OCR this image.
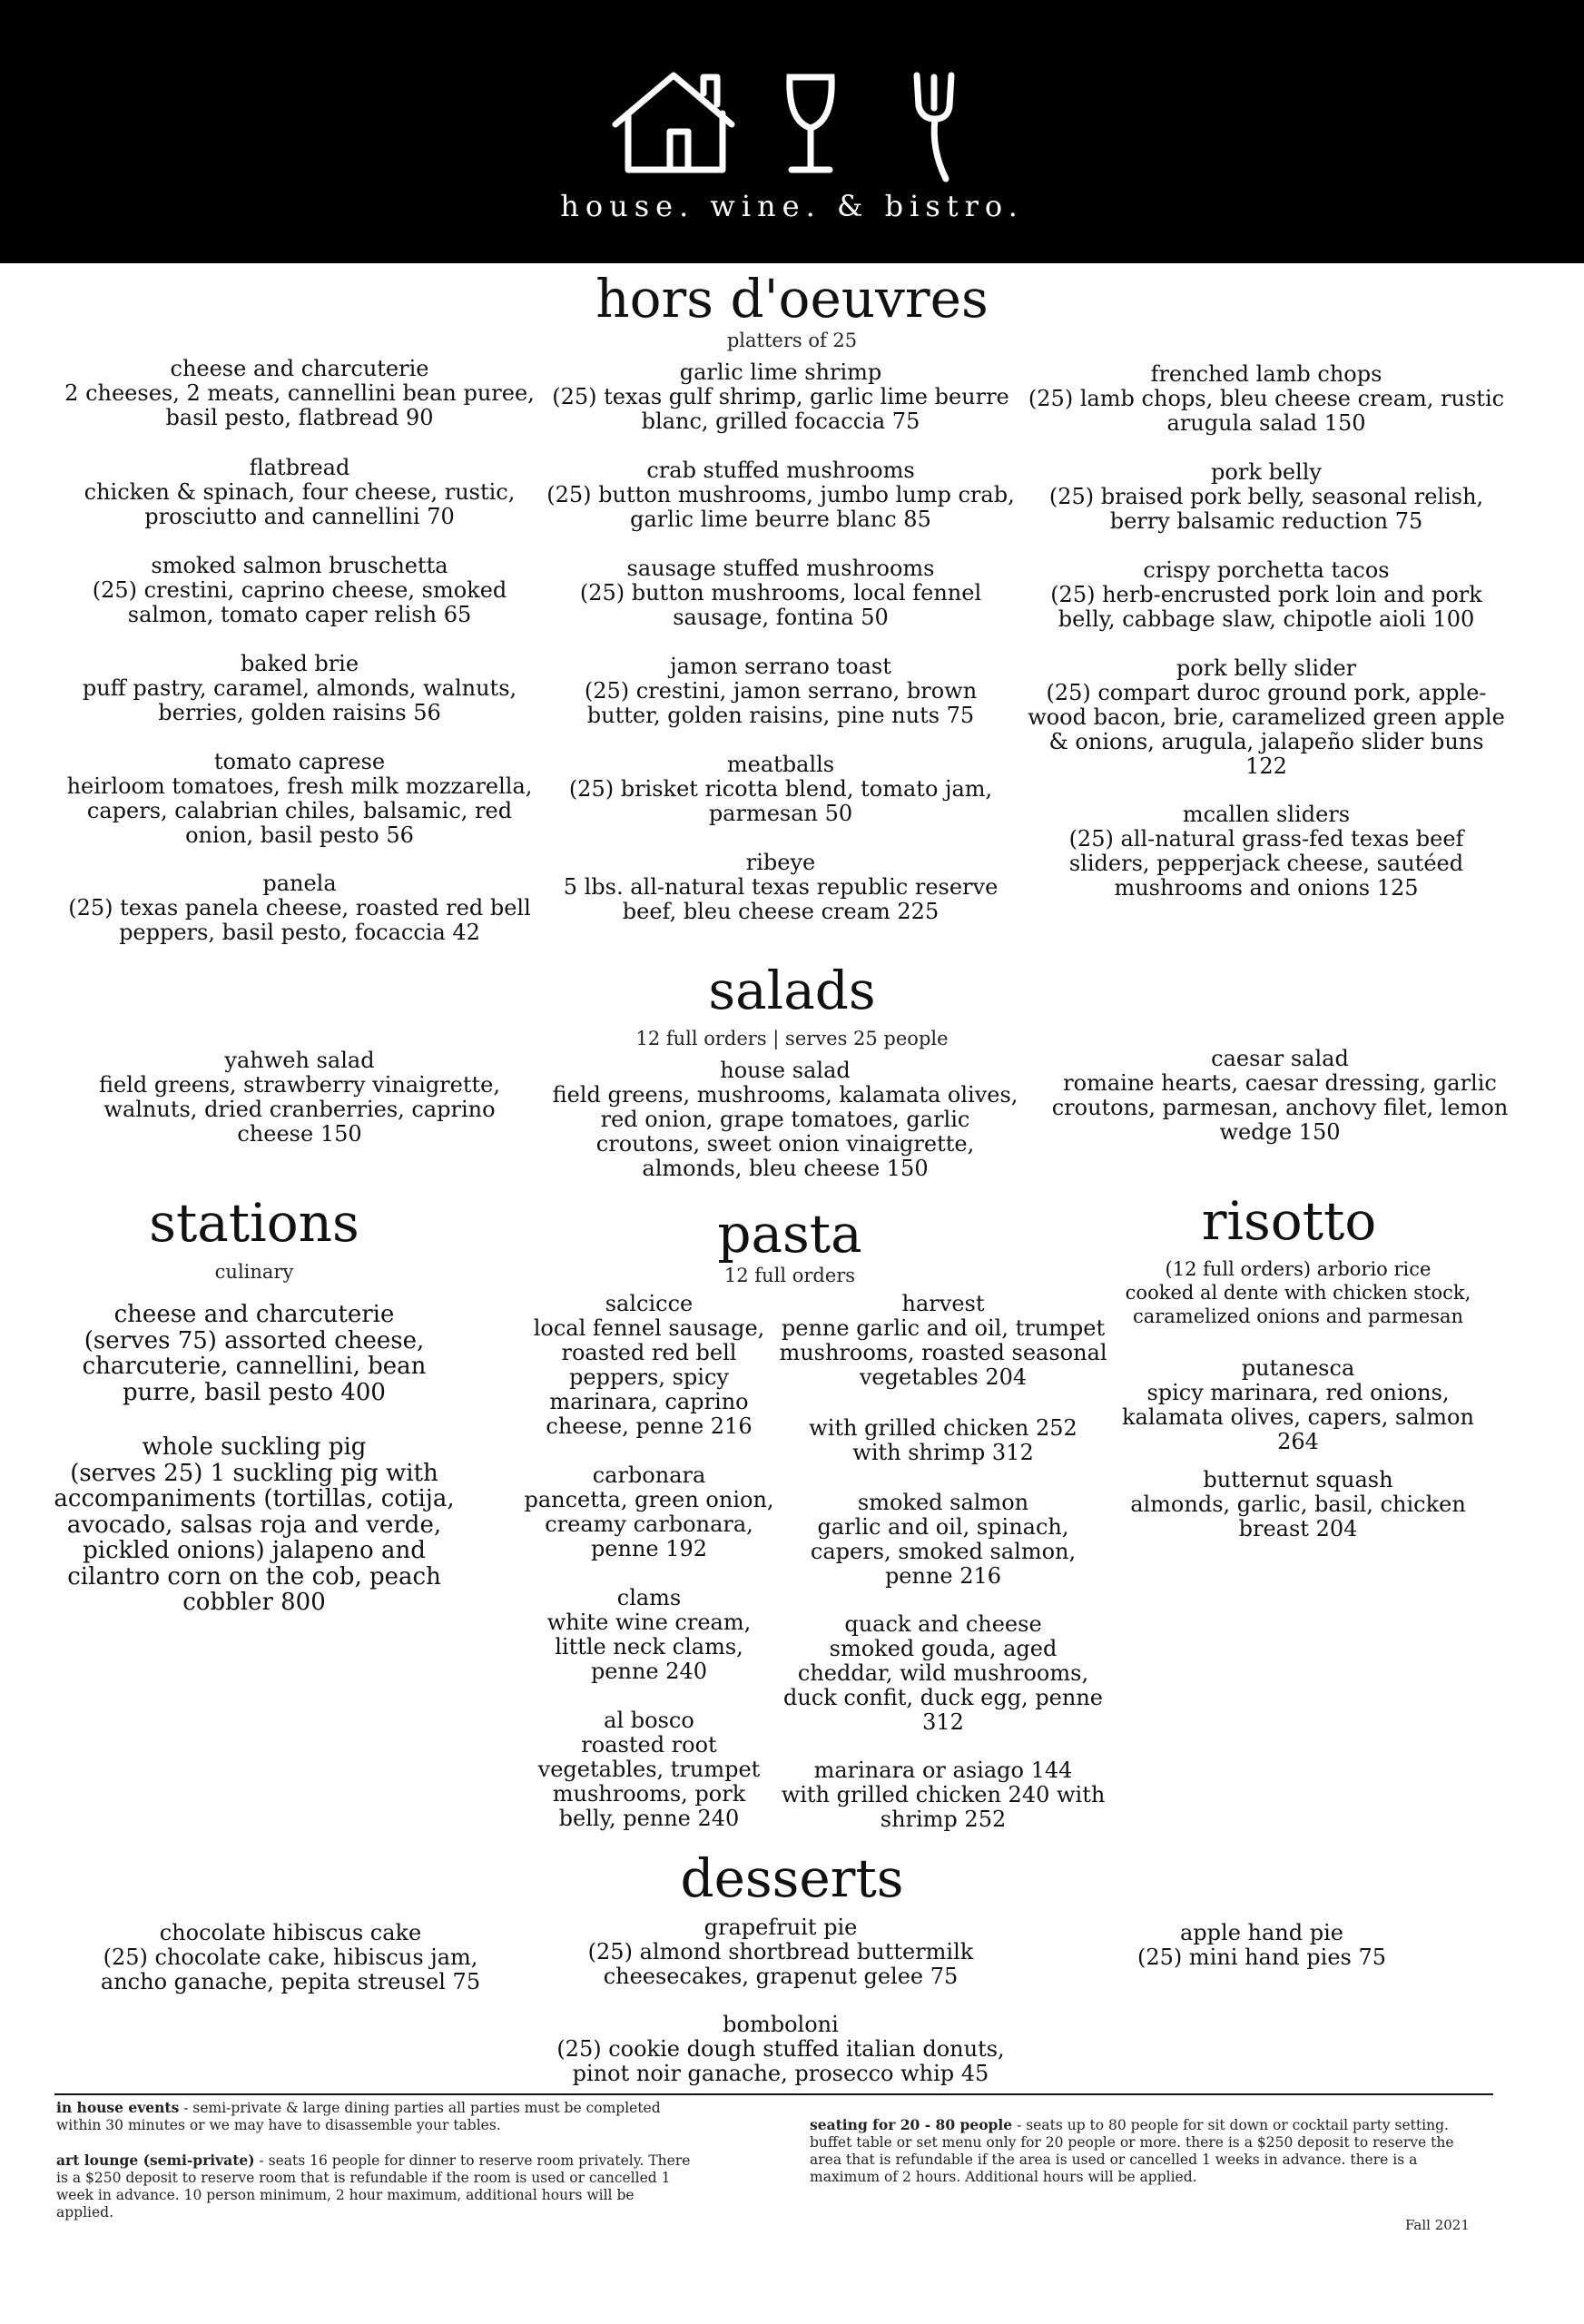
house. wine. & bistro.
hors d'oeuvres
platters of 25
cheese and charcuterie
2 cheeses, 2 meats, cannellini bean puree, basil pesto, flatbread 90
flatbread
chicken & spinach, four cheese, rustic, prosciutto and cannellini 70
smoked salmon bruschetta
(25) crestini, caprino cheese, smoked salmon, tomato caper relish 65
baked brie
puff pastry, caramel, almonds, walnuts, berries, golden raisins 56
tomato caprese
heirloom tomatoes, fresh milk mozzarella, capers, calabrian chiles, balsamic, red onion, basil pesto 56
panela
(25) texas panela cheese, roasted red bell peppers, basil pesto, focaccia 42
garlic lime shrimp
(25) texas gulf shrimp, garlic lime beurre blanc, grilled focaccia 75
crab stuffed mushrooms
(25) button mushrooms, jumbo lump crab, garlic lime beurre blanc 85
sausage stuffed mushrooms
(25) button mushrooms, local fennel sausage, fontina 50
jamon serrano toast
(25) crestini, jamon serrano, brown butter, golden raisins, pine nuts 75
meatballs
(25) brisket ricotta blend, tomato jam, parmesan 50
ribeye
5 lbs. all-natural texas republic reserve beef, bleu cheese cream 225
frenched lamb chops
(25) lamb chops, bleu cheese cream, rustic arugula salad 150
pork belly
(25) braised pork belly, seasonal relish, berry balsamic reduction 75
crispy porchetta tacos
(25) herb-encrusted pork loin and pork belly, cabbage slaw, chipotle aioli 100
pork belly slider
(25) compart duroc ground pork, apple-wood bacon, brie, caramelized green apple & onions, arugula, jalapeño slider buns 122
mcallen sliders
(25) all-natural grass-fed texas beef sliders, pepperjack cheese, sautéed mushrooms and onions 125
salads
12 full orders | serves 25 people
yahweh salad
field greens, strawberry vinaigrette, walnuts, dried cranberries, caprino cheese 150
house salad
field greens, mushrooms, kalamata olives, red onion, grape tomatoes, garlic croutons, sweet onion vinaigrette, almonds, bleu cheese 150
caesar salad
romaine hearts, caesar dressing, garlic croutons, parmesan, anchovy filet, lemon wedge 150
stations
culinary
cheese and charcuterie
(serves 75) assorted cheese, charcuterie, cannellini, bean purre, basil pesto 400
whole suckling pig
(serves 25) 1 suckling pig with accompaniments (tortillas, cotija, avocado, salsas roja and verde, pickled onions) jalapeno and cilantro corn on the cob, peach cobbler 800
pasta
12 full orders
salcicce
local fennel sausage, roasted red bell peppers, spicy marinara, caprino cheese, penne 216
carbonara
pancetta, green onion, creamy carbonara, penne 192
clams
white wine cream, little neck clams, penne 240
al bosco
roasted root vegetables, trumpet mushrooms, pork belly, penne 240
harvest
penne garlic and oil, trumpet mushrooms, roasted seasonal vegetables 204
with grilled chicken 252
with shrimp 312
smoked salmon
garlic and oil, spinach, capers, smoked salmon, penne 216
quack and cheese
smoked gouda, aged cheddar, wild mushrooms, duck confit, duck egg, penne 312
marinara or asiago 144
with grilled chicken 240 with shrimp 252
risotto
(12 full orders) arborio rice
cooked al dente with chicken stock, caramelized onions and parmesan
putanesca
spicy marinara, red onions, kalamata olives, capers, salmon 264
butternut squash
almonds, garlic, basil, chicken breast 204
desserts
chocolate hibiscus cake
(25) chocolate cake, hibiscus jam, ancho ganache, pepita streusel 75
grapefruit pie
(25) almond shortbread buttermilk cheesecakes, grapenut gelee 75
bomboloni
(25) cookie dough stuffed italian donuts, pinot noir ganache, prosecco whip 45
apple hand pie
(25) mini hand pies 75
in house events - semi-private & large dining parties all parties must be completed within 30 minutes or we may have to disassemble your tables.
art lounge (semi-private) - seats 16 people for dinner to reserve room privately. There is a $250 deposit to reserve room that is refundable if the room is used or cancelled 1 week in advance. 10 person minimum, 2 hour maximum, additional hours will be applied.
seating for 20 - 80 people - seats up to 80 people for sit down or cocktail party setting. buffet table or set menu only for 20 people or more. there is a $250 deposit to reserve the area that is refundable if the area is used or cancelled 1 weeks in advance. there is a maximum of 2 hours. Additional hours will be applied.
Fall 2021
